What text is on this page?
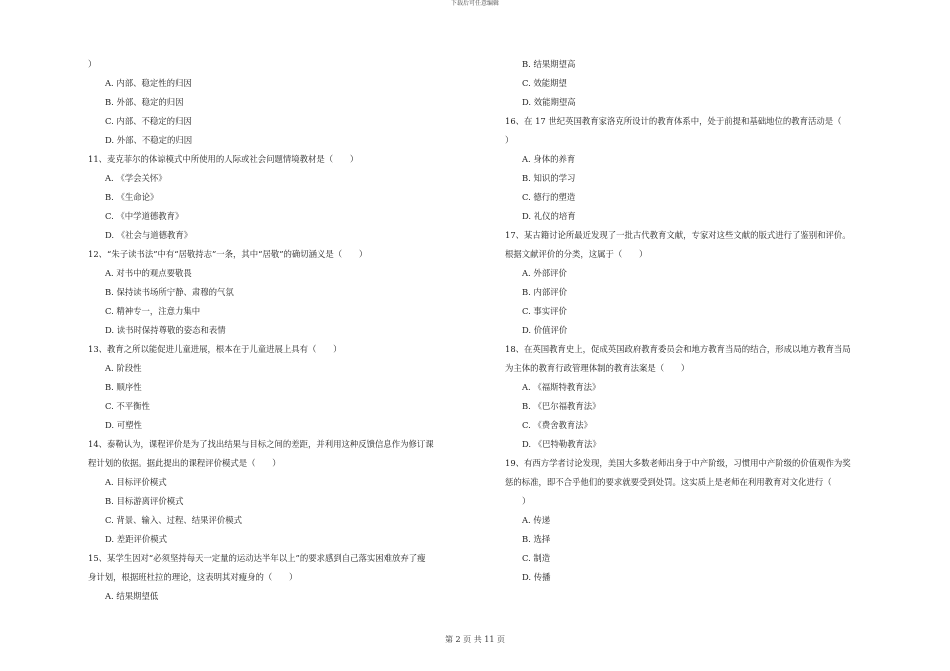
下载后可任意编辑
）
A. 内部、稳定性的归因
B. 外部、稳定的归因
C. 内部、不稳定的归因
D. 外部、不稳定的归因
11、麦克菲尔的体谅模式中所使用的人际或社会问题情境教材是（　　）
A. 《学会关怀》
B. 《生命论》
C. 《中学道德教育》
D. 《社会与道德教育》
12、“朱子读书法”中有“居敬持志”一条，其中“居敬”的确切涵义是（　　）
A. 对书中的观点要敬畏
B. 保持读书场所宁静、肃穆的气氛
C. 精神专一，注意力集中
D. 读书时保持尊敬的姿态和表情
13、教育之所以能促进儿童进展，根本在于儿童进展上具有（　　）
A. 阶段性
B. 顺序性
C. 不平衡性
D. 可塑性
14、泰勒认为，课程评价是为了找出结果与目标之间的差距，并利用这种反馈信息作为修订课
程计划的依据。据此提出的课程评价模式是（　　）
A. 目标评价模式
B. 目标游离评价模式
C. 背景、输入、过程、结果评价模式
D. 差距评价模式
15、某学生因对“必须坚持每天一定量的运动达半年以上”的要求感到自己落实困难放弃了瘦
身计划，根据班杜拉的理论，这表明其对瘦身的（　　）
A. 结果期望低
B. 结果期望高
C. 效能期望
D. 效能期望高
16、在 17 世纪英国教育家洛克所设计的教育体系中，处于前提和基础地位的教育活动是（
）
A. 身体的养育
B. 知识的学习
C. 德行的塑造
D. 礼仪的培育
17、某古籍讨论所最近发现了一批古代教育文献，专家对这些文献的版式进行了鉴别和评价。
根据文献评价的分类，这属于（　　）
A. 外部评价
B. 内部评价
C. 事实评价
D. 价值评价
18、在英国教育史上，促成英国政府教育委员会和地方教育当局的结合，形成以地方教育当局
为主体的教育行政管理体制的教育法案是（　　）
A. 《福斯特教育法》
B. 《巴尔福教育法》
C. 《费舍教育法》
D. 《巴特勒教育法》
19、有西方学者讨论发现，美国大多数老师出身于中产阶级，习惯用中产阶级的价值观作为奖
惩的标准，即不合乎他们的要求就要受到处罚。这实质上是老师在利用教育对文化进行（
）
A. 传递
B. 选择
C. 制造
D. 传播
第 2 页 共 11 页
